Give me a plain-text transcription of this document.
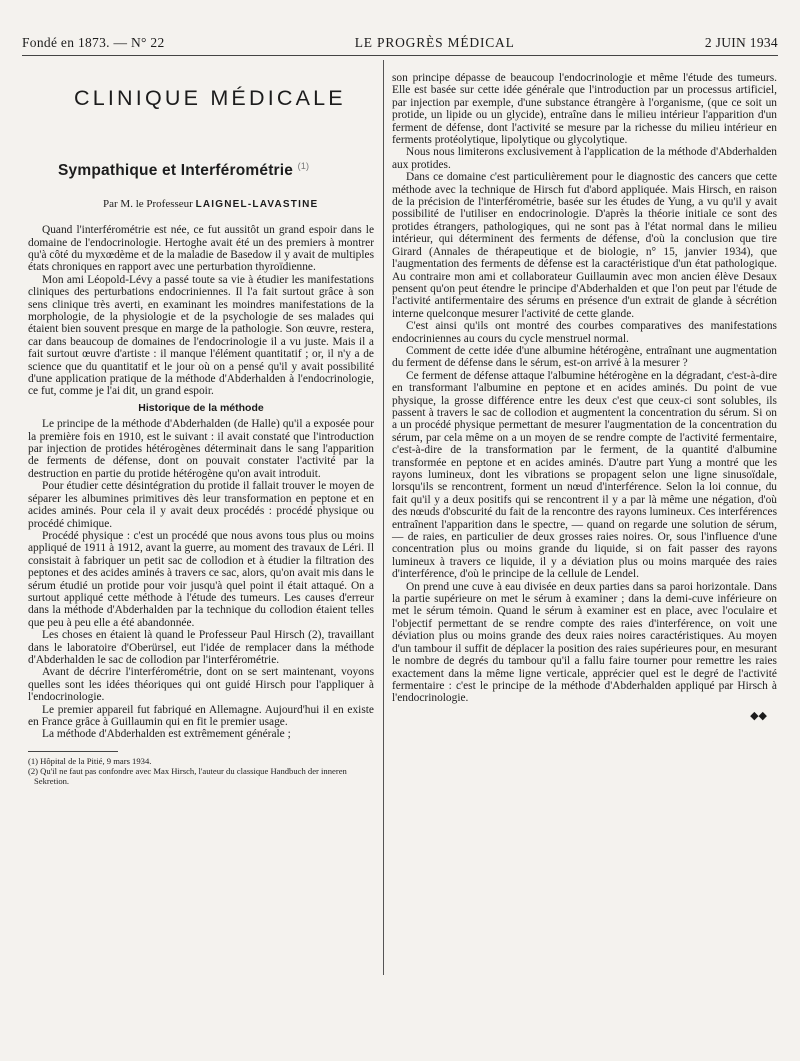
Fondé en 1873. — N° 22	LE PROGRÈS MÉDICAL	2 JUIN 1934
CLINIQUE MÉDICALE
Sympathique et Interférométrie $^{(1)}$
Par M. le Professeur LAIGNEL-LAVASTINE

Quand l'interférométrie est née, ce fut aussitôt un grand espoir dans le domaine de l'endocrinologie. Hertoghe avait été un des premiers à montrer qu'à côté du myxœdème et de la maladie de Basedow il y avait de multiples états chroniques en rapport avec une perturbation thyroïdienne.

Mon ami Léopold-Lévy a passé toute sa vie à étudier les manifestations cliniques des perturbations endocriniennes. Il l'a fait surtout grâce à son sens clinique très averti, en examinant les moindres manifestations de la morphologie, de la physiologie et de la psychologie de ses malades qui étaient bien souvent presque en marge de la pathologie. Son œuvre, restera, car dans beaucoup de domaines de l'endocrinologie il a vu juste. Mais il a fait surtout œuvre d'artiste : il manque l'élément quantitatif ; or, il n'y a de science que du quantitatif et le jour où on a pensé qu'il y avait possibilité d'une application pratique de la méthode d'Abderhalden à l'endocrinologie, ce fut, comme je l'ai dit, un grand espoir.

Historique de la méthode

Le principe de la méthode d'Abderhalden (de Halle) qu'il a exposée pour la première fois en 1910, est le suivant : il avait constaté que l'introduction par injection de protides hétérogènes déterminait dans le sang l'apparition de ferments de défense, dont on pouvait constater l'activité par la destruction en partie du protide hétérogène qu'on avait introduit.

Pour étudier cette désintégration du protide il fallait trouver le moyen de séparer les albumines primitives dès leur transformation en peptone et en acides aminés. Pour cela il y avait deux procédés : procédé physique ou procédé chimique.

Procédé physique : c'est un procédé que nous avons tous plus ou moins appliqué de 1911 à 1912, avant la guerre, au moment des travaux de Léri. Il consistait à fabriquer un petit sac de collodion et à étudier la filtration des peptones et des acides aminés à travers ce sac, alors, qu'on avait mis dans le sérum étudié un protide pour voir jusqu'à quel point il était attaqué. On a surtout appliqué cette méthode à l'étude des tumeurs. Les causes d'erreur dans la méthode d'Abderhalden par la technique du collodion étaient telles que peu à peu elle a été abandonnée.

Les choses en étaient là quand le Professeur Paul Hirsch (2), travaillant dans le laboratoire d'Oberürsel, eut l'idée de remplacer dans la méthode d'Abderhalden le sac de collodion par l'interférométrie.

Avant de décrire l'interférométrie, dont on se sert maintenant, voyons quelles sont les idées théoriques qui ont guidé Hirsch pour l'appliquer à l'endocrinologie.

Le premier appareil fut fabriqué en Allemagne. Aujourd'hui il en existe en France grâce à Guillaumin qui en fit le premier usage.

La méthode d'Abderhalden est extrêmement générale ;

(1) Hôpital de la Pitié, 9 mars 1934.

(2) Qu'il ne faut pas confondre avec Max Hirsch, l'auteur du classique Handbuch der inneren Sekretion.

son principe dépasse de beaucoup l'endocrinologie et même l'étude des tumeurs. Elle est basée sur cette idée générale que l'introduction par un processus artificiel, par injection par exemple, d'une substance étrangère à l'organisme, (que ce soit un protide, un lipide ou un glycide), entraîne dans le milieu intérieur l'apparition d'un ferment de défense, dont l'activité se mesure par la richesse du milieu intérieur en ferments protéolytique, lipolytique ou glycolytique.

Nous nous limiterons exclusivement à l'application de la méthode d'Abderhalden aux protides.

Dans ce domaine c'est particulièrement pour le diagnostic des cancers que cette méthode avec la technique de Hirsch fut d'abord appliquée. Mais Hirsch, en raison de la précision de l'interférométrie, basée sur les études de Yung, a vu qu'il y avait possibilité de l'utiliser en endocrinologie. D'après la théorie initiale ce sont des protides étrangers, pathologiques, qui ne sont pas à l'état normal dans le milieu intérieur, qui déterminent des ferments de défense, d'où la conclusion que tire Girard (Annales de thérapeutique et de biologie, n° 15, janvier 1934), que l'augmentation des ferments de défense est la caractéristique d'un état pathologique. Au contraire mon ami et collaborateur Guillaumin avec mon ancien élève Desaux pensent qu'on peut étendre le principe d'Abderhalden et que l'on peut par l'étude de l'activité antifermentaire des sérums en présence d'un extrait de glande à sécrétion interne quelconque mesurer l'activité de cette glande.

C'est ainsi qu'ils ont montré des courbes comparatives des manifestations endocriniennes au cours du cycle menstruel normal.

Comment de cette idée d'une albumine hétérogène, entraînant une augmentation du ferment de défense dans le sérum, est-on arrivé à la mesurer ?

Ce ferment de défense attaque l'albumine hétérogène en la dégradant, c'est-à-dire en transformant l'albumine en peptone et en acides aminés. Du point de vue physique, la grosse différence entre les deux c'est que ceux-ci sont solubles, ils passent à travers le sac de collodion et augmentent la concentration du sérum. Si on a un procédé physique permettant de mesurer l'augmentation de la concentration du sérum, par cela même on a un moyen de se rendre compte de l'activité fermentaire, c'est-à-dire de la transformation par le ferment, de la quantité d'albumine transformée en peptone et en acides aminés. D'autre part Yung a montré que les rayons lumineux, dont les vibrations se propagent selon une ligne sinusoïdale, lorsqu'ils se rencontrent, forment un nœud d'interférence. Selon la loi connue, du fait qu'il y a deux positifs qui se rencontrent il y a par là même une négation, d'où des nœuds d'obscurité du fait de la rencontre des rayons lumineux. Ces interférences entraînent l'apparition dans le spectre, — quand on regarde une solution de sérum, — de raies, en particulier de deux grosses raies noires. Or, sous l'influence d'une concentration plus ou moins grande du liquide, si on fait passer des rayons lumineux à travers ce liquide, il y a déviation plus ou moins marquée des raies d'interférence, d'où le principe de la cellule de Lendel.

On prend une cuve à eau divisée en deux parties dans sa paroi horizontale. Dans la partie supérieure on met le sérum à examiner ; dans la demi-cuve inférieure on met le sérum témoin. Quand le sérum à examiner est en place, avec l'oculaire et l'objectif permettant de se rendre compte des raies d'interférence, on voit une déviation plus ou moins grande des deux raies noires caractéristiques. Au moyen d'un tambour il suffit de déplacer la position des raies supérieures pour, en mesurant le nombre de degrés du tambour qu'il a fallu faire tourner pour remettre les raies exactement dans la même ligne verticale, apprécier quel est le degré de l'activité fermentaire : c'est le principe de la méthode d'Abderhalden appliqué par Hirsch à l'endocrinologie.

◆◆
